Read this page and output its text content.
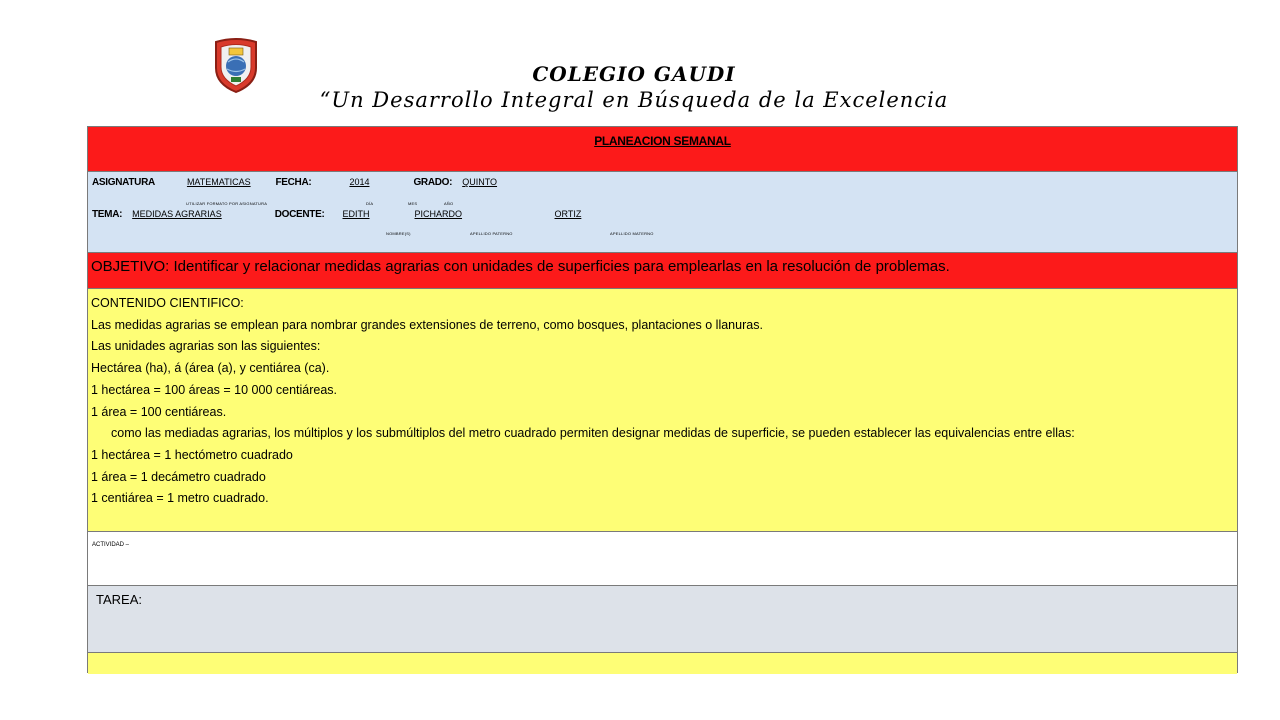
COLEGIO GAUDI
“Un Desarrollo Integral en Búsqueda de la Excelencia
PLANEACION SEMANAL
ASIGNATURA	MATEMATICAS FECHA:	2014	GRADO: QUINTO
UTILIZAR FORMATO POR ASIGNATURA	DÍA	MES	AÑO
TEMA: MEDIDAS AGRARIAS	DOCENTE: EDITH	PICHARDO	ORTIZ
NOMBRE(S)	APELLIDO PATERNO	APELLIDO MATERNO
OBJETIVO: Identificar y relacionar medidas agrarias con unidades de superficies para emplearlas en la resolución de problemas.

CONTENIDO CIENTIFICO:

Las medidas agrarias se emplean para nombrar grandes extensiones de terreno, como bosques, plantaciones o llanuras.

Las unidades agrarias son las siguientes:

Hectárea (ha), á (área (a), y centiárea (ca).

1 hectárea = 100 áreas = 10 000 centiáreas.

1 área = 100 centiáreas.

como las mediadas agrarias, los múltiplos y los submúltiplos del metro cuadrado permiten designar medidas de superficie, se pueden establecer las equivalencias entre ellas:

1 hectárea = 1 hectómetro cuadrado

1 área = 1 decámetro cuadrado

1 centiárea = 1 metro cuadrado.

ACTIVIDAD –
TAREA:
